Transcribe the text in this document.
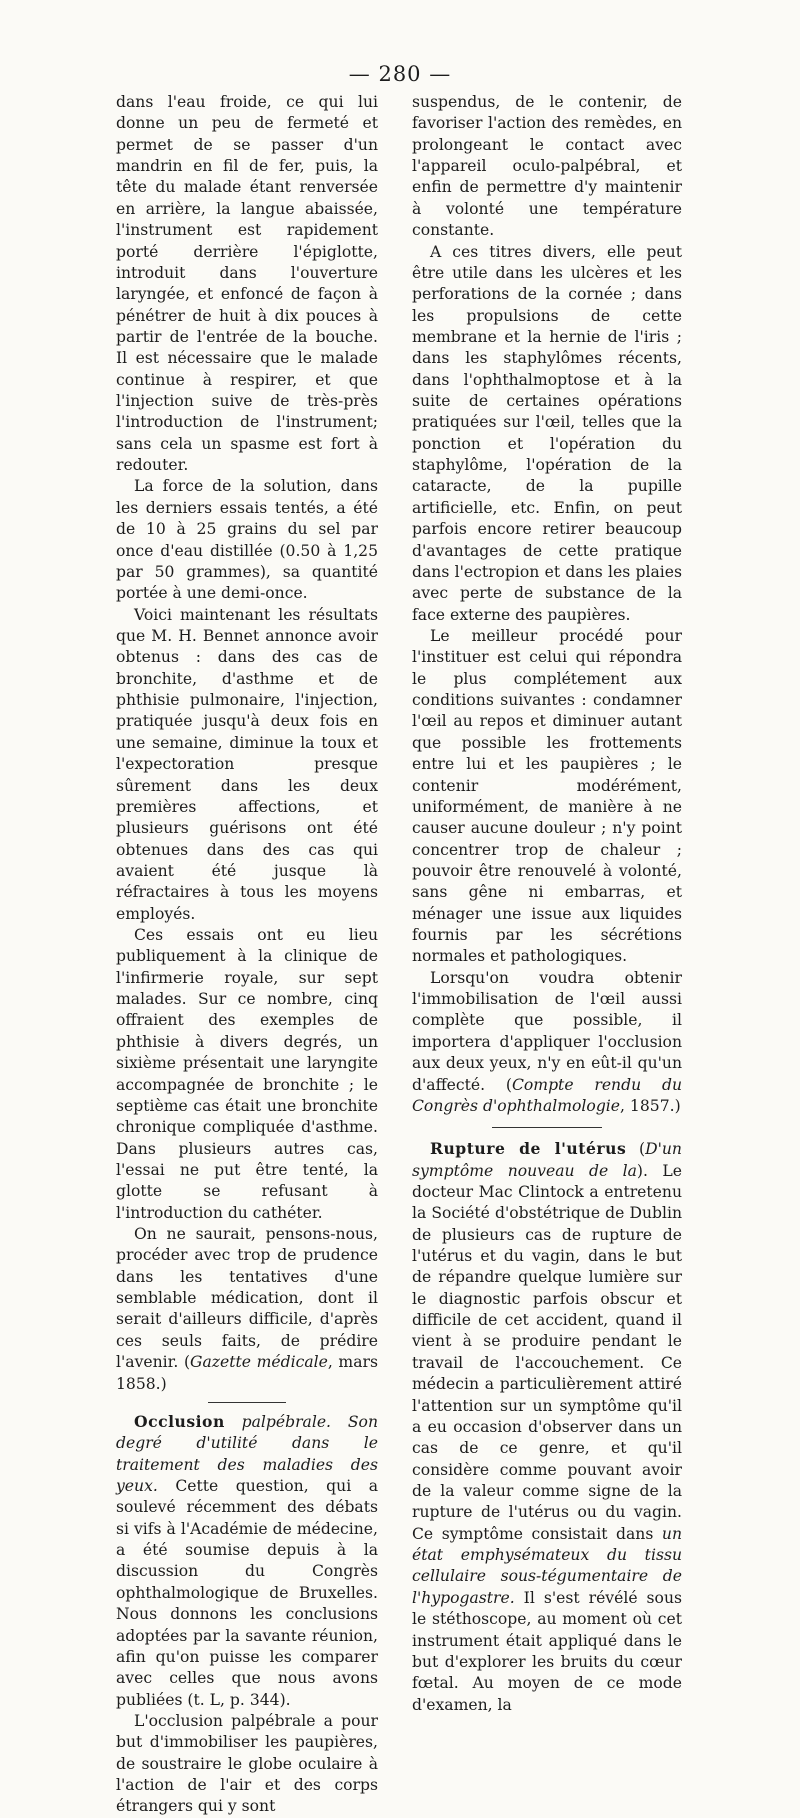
— 280 —

dans l'eau froide, ce qui lui donne un peu de fermeté et permet de se passer d'un mandrin en fil de fer, puis, la tête du malade étant renversée en arrière, la langue abaissée, l'instrument est rapidement porté derrière l'épiglotte, introduit dans l'ouverture laryngée, et enfoncé de façon à pénétrer de huit à dix pouces à partir de l'entrée de la bouche. Il est nécessaire que le malade continue à respirer, et que l'injection suive de très-près l'introduction de l'instrument; sans cela un spasme est fort à redouter.

La force de la solution, dans les derniers essais tentés, a été de 10 à 25 grains du sel par once d'eau distillée (0.50 à 1,25 par 50 grammes), sa quantité portée à une demi-once.

Voici maintenant les résultats que M. H. Bennet annonce avoir obtenus : dans des cas de bronchite, d'asthme et de phthisie pulmonaire, l'injection, pratiquée jusqu'à deux fois en une semaine, diminue la toux et l'expectoration presque sûrement dans les deux premières affections, et plusieurs guérisons ont été obtenues dans des cas qui avaient été jusque là réfractaires à tous les moyens employés.

Ces essais ont eu lieu publiquement à la clinique de l'infirmerie royale, sur sept malades. Sur ce nombre, cinq offraient des exemples de phthisie à divers degrés, un sixième présentait une laryngite accompagnée de bronchite ; le septième cas était une bronchite chronique compliquée d'asthme. Dans plusieurs autres cas, l'essai ne put être tenté, la glotte se refusant à l'introduction du cathéter.

On ne saurait, pensons-nous, procéder avec trop de prudence dans les tentatives d'une semblable médication, dont il serait d'ailleurs difficile, d'après ces seuls faits, de prédire l'avenir. (Gazette médicale, mars 1858.)

Occlusion palpébrale. Son degré d'utilité dans le traitement des maladies des yeux. Cette question, qui a soulevé récemment des débats si vifs à l'Académie de médecine, a été soumise depuis à la discussion du Congrès ophthalmologique de Bruxelles. Nous donnons les conclusions adoptées par la savante réunion, afin qu'on puisse les comparer avec celles que nous avons publiées (t. L, p. 344).

L'occlusion palpébrale a pour but d'immobiliser les paupières, de soustraire le globe oculaire à l'action de l'air et des corps étrangers qui y sont

suspendus, de le contenir, de favoriser l'action des remèdes, en prolongeant le contact avec l'appareil oculo-palpébral, et enfin de permettre d'y maintenir à volonté une température constante.

A ces titres divers, elle peut être utile dans les ulcères et les perforations de la cornée ; dans les propulsions de cette membrane et la hernie de l'iris ; dans les staphylômes récents, dans l'ophthalmoptose et à la suite de certaines opérations pratiquées sur l'œil, telles que la ponction et l'opération du staphylôme, l'opération de la cataracte, de la pupille artificielle, etc. Enfin, on peut parfois encore retirer beaucoup d'avantages de cette pratique dans l'ectropion et dans les plaies avec perte de substance de la face externe des paupières.

Le meilleur procédé pour l'instituer est celui qui répondra le plus complétement aux conditions suivantes : condamner l'œil au repos et diminuer autant que possible les frottements entre lui et les paupières ; le contenir modérément, uniformément, de manière à ne causer aucune douleur ; n'y point concentrer trop de chaleur ; pouvoir être renouvelé à volonté, sans gêne ni embarras, et ménager une issue aux liquides fournis par les sécrétions normales et pathologiques.

Lorsqu'on voudra obtenir l'immobilisation de l'œil aussi complète que possible, il importera d'appliquer l'occlusion aux deux yeux, n'y en eût-il qu'un d'affecté. (Compte rendu du Congrès d'ophthalmologie, 1857.)

Rupture de l'utérus (D'un symptôme nouveau de la). Le docteur Mac Clintock a entretenu la Société d'obstétrique de Dublin de plusieurs cas de rupture de l'utérus et du vagin, dans le but de répandre quelque lumière sur le diagnostic parfois obscur et difficile de cet accident, quand il vient à se produire pendant le travail de l'accouchement. Ce médecin a particulièrement attiré l'attention sur un symptôme qu'il a eu occasion d'observer dans un cas de ce genre, et qu'il considère comme pouvant avoir de la valeur comme signe de la rupture de l'utérus ou du vagin. Ce symptôme consistait dans un état emphysémateux du tissu cellulaire sous-tégumentaire de l'hypogastre. Il s'est révélé sous le stéthoscope, au moment où cet instrument était appliqué dans le but d'explorer les bruits du cœur fœtal. Au moyen de ce mode d'examen, la
